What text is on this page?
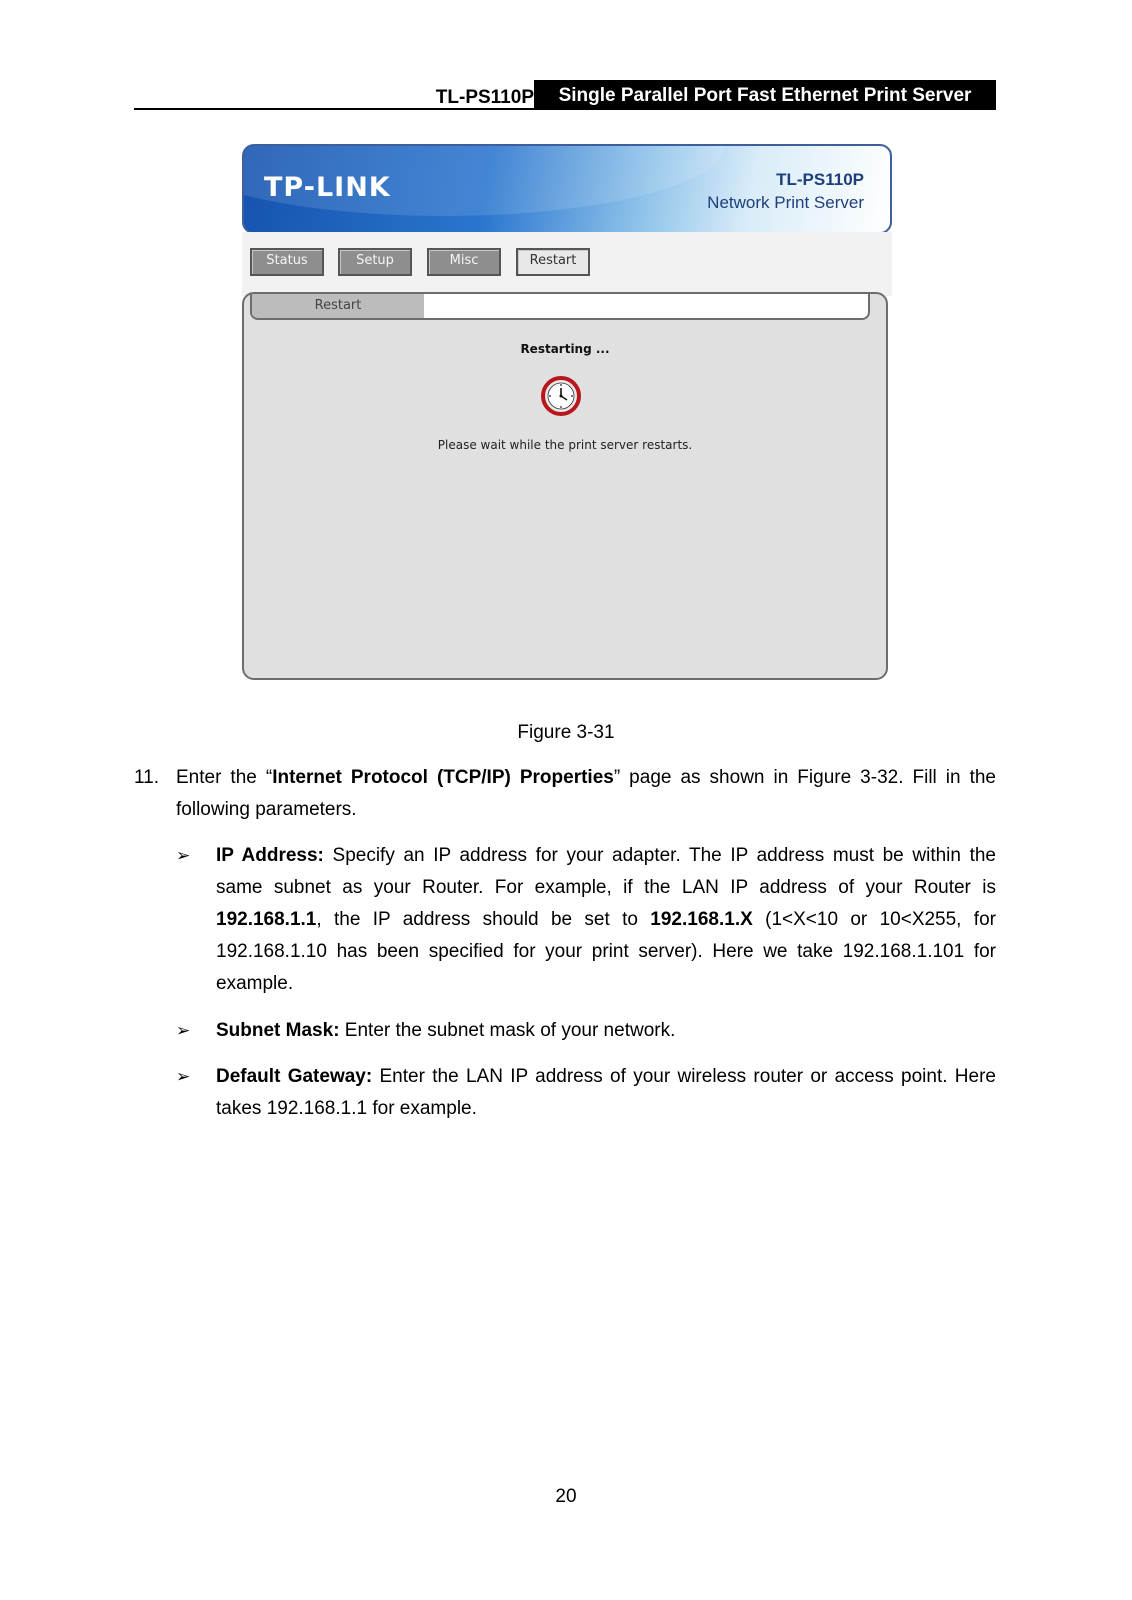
TL-PS110P	Single Parallel Port Fast Ethernet Print Server
TP-LINK	TL-PS110P
Network Print Server
Status	Setup	Misc	Restart
Restart
Restarting ...
Please wait while the print server restarts.
Figure 3-31
11. Enter the “Internet Protocol (TCP/IP) Properties” page as shown in Figure 3-32. Fill in the following parameters.
➢ IP Address: Specify an IP address for your adapter. The IP address must be within the same subnet as your Router. For example, if the LAN IP address of your Router is 192.168.1.1, the IP address should be set to 192.168.1.X (1<X<10 or 10<X255, for 192.168.1.10 has been specified for your print server). Here we take 192.168.1.101 for example.
➢ Subnet Mask: Enter the subnet mask of your network.
➢ Default Gateway: Enter the LAN IP address of your wireless router or access point. Here takes 192.168.1.1 for example.
20
